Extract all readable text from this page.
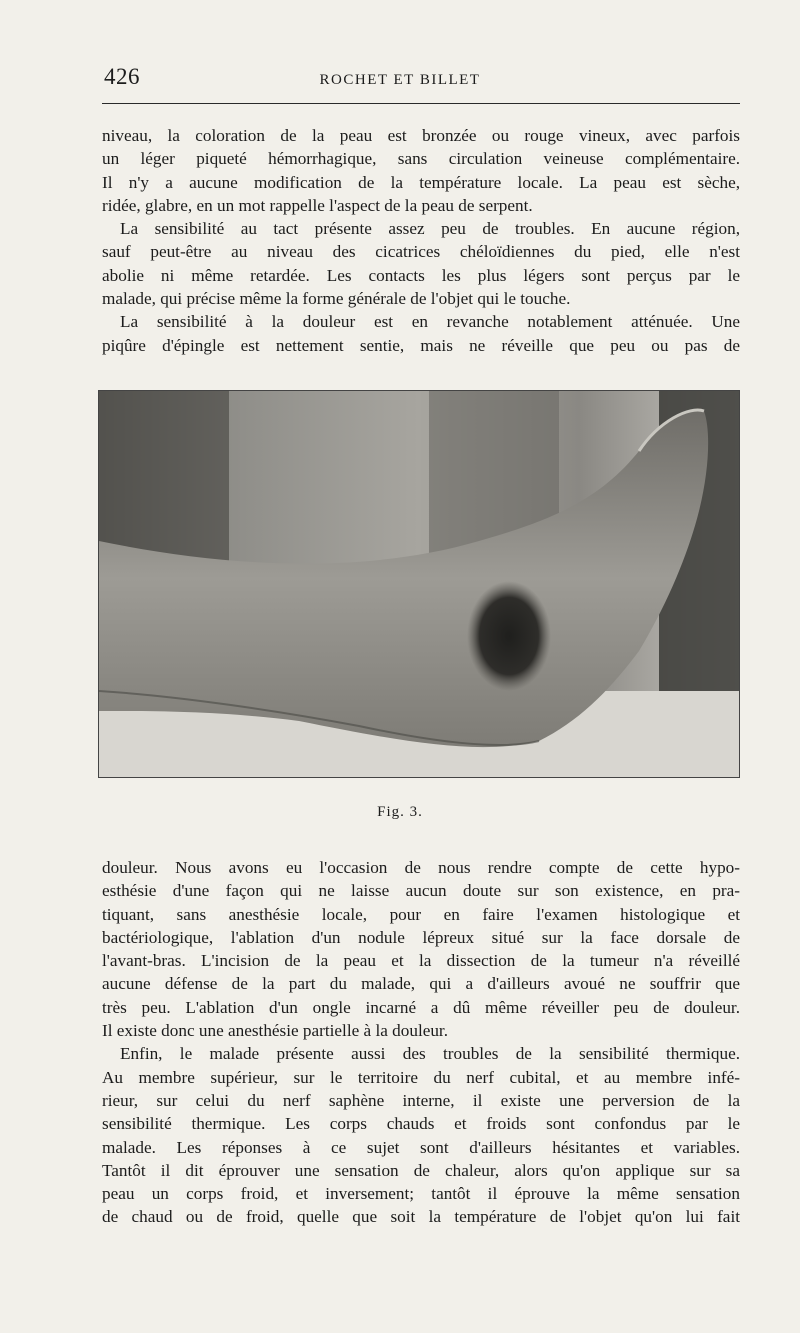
426	ROCHET ET BILLET
niveau, la coloration de la peau est bronzée ou rouge vineux, avec parfois
un léger piqueté hémorrhagique, sans circulation veineuse complémentaire.
Il n'y a aucune modification de la température locale. La peau est sèche,
ridée, glabre, en un mot rappelle l'aspect de la peau de serpent.
La sensibilité au tact présente assez peu de troubles. En aucune région,
sauf peut-être au niveau des cicatrices chéloïdiennes du pied, elle n'est
abolie ni même retardée. Les contacts les plus légers sont perçus par le
malade, qui précise même la forme générale de l'objet qui le touche.
La sensibilité à la douleur est en revanche notablement atténuée. Une
piqûre d'épingle est nettement sentie, mais ne réveille que peu ou pas de
Fig. 3.
douleur. Nous avons eu l'occasion de nous rendre compte de cette hypo-
esthésie d'une façon qui ne laisse aucun doute sur son existence, en pra-
tiquant, sans anesthésie locale, pour en faire l'examen histologique et
bactériologique, l'ablation d'un nodule lépreux situé sur la face dorsale de
l'avant-bras. L'incision de la peau et la dissection de la tumeur n'a réveillé
aucune défense de la part du malade, qui a d'ailleurs avoué ne souffrir que
très peu. L'ablation d'un ongle incarné a dû même réveiller peu de douleur.
Il existe donc une anesthésie partielle à la douleur.
Enfin, le malade présente aussi des troubles de la sensibilité thermique.
Au membre supérieur, sur le territoire du nerf cubital, et au membre infé-
rieur, sur celui du nerf saphène interne, il existe une perversion de la
sensibilité thermique. Les corps chauds et froids sont confondus par le
malade. Les réponses à ce sujet sont d'ailleurs hésitantes et variables.
Tantôt il dit éprouver une sensation de chaleur, alors qu'on applique sur sa
peau un corps froid, et inversement; tantôt il éprouve la même sensation
de chaud ou de froid, quelle que soit la température de l'objet qu'on lui fait
